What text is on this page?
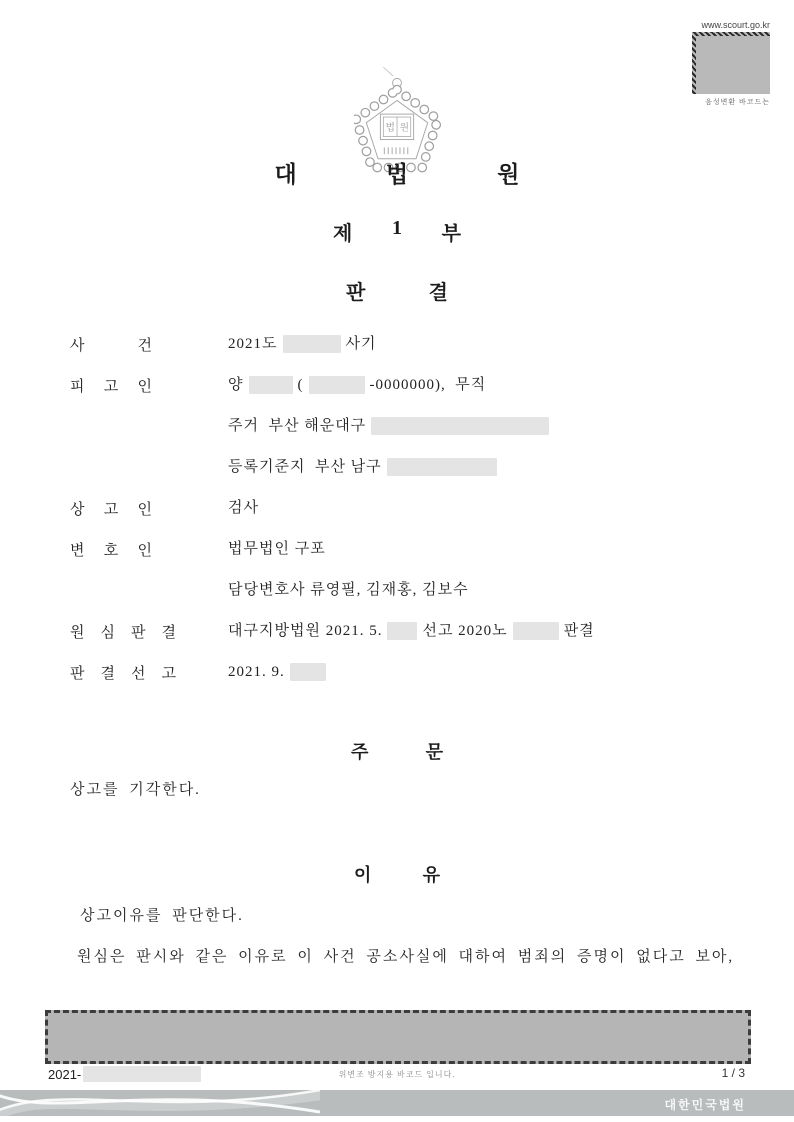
www.scourt.go.kr
음성변환 바코드는
법 원
대	법	원
제 1 부
판	결
사	건	2021도	사기
피 고 인	양	(	-0000000),  무직
주거  부산 해운대구
등록기준지  부산 남구
상 고 인	검사
변 호 인	법무법인 구포
담당변호사 류영필, 김재홍, 김보수
원 심 판 결	대구지방법원 2021. 5.	선고 2020노	판결
판 결 선 고	2021. 9.
주	문
상고를 기각한다.
이	유
상고이유를 판단한다.
원심은 판시와 같은 이유로 이 사건 공소사실에 대하여 범죄의 증명이 없다고 보아,
2021-	위변조 방지용 바코드 입니다.	1 / 3
대한민국법원
